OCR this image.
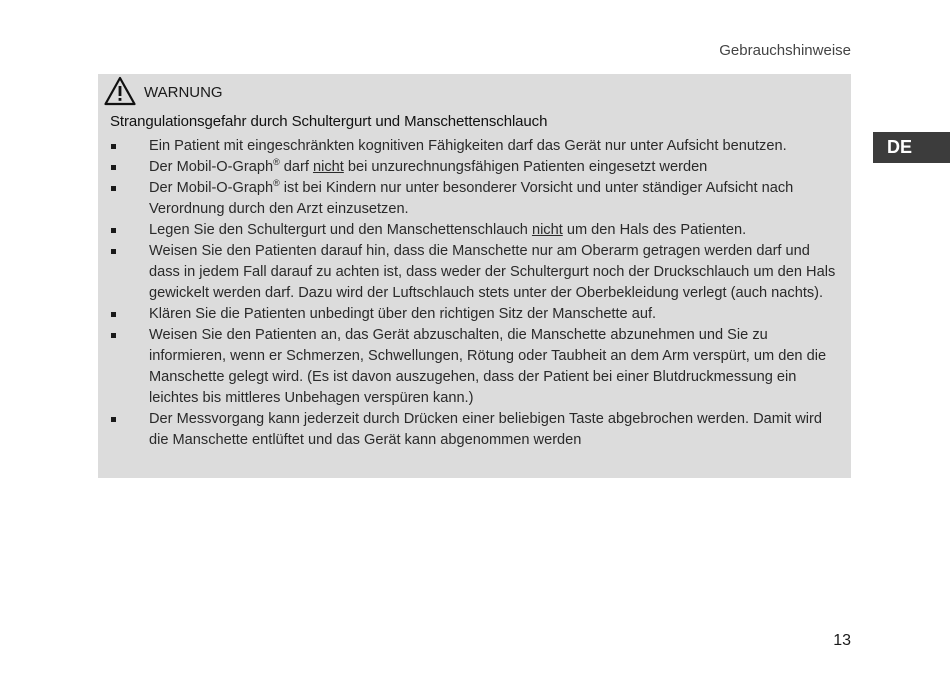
Gebrauchshinweise
DE
WARNUNG
Strangulationsgefahr durch Schultergurt und Manschettenschlauch
Ein Patient mit eingeschränkten kognitiven Fähigkeiten darf das Gerät nur unter Aufsicht benutzen.
Der Mobil-O-Graph® darf nicht bei unzurechnungsfähigen Patienten eingesetzt werden
Der Mobil-O-Graph® ist bei Kindern nur unter besonderer Vorsicht und unter ständiger Aufsicht nach Verordnung durch den Arzt einzusetzen.
Legen Sie den Schultergurt und den Manschettenschlauch nicht um den Hals des Patienten.
Weisen Sie den Patienten darauf hin, dass die Manschette nur am Oberarm getragen werden darf und dass in jedem Fall darauf zu achten ist, dass weder der Schultergurt noch der Druckschlauch um den Hals gewickelt werden darf. Dazu wird der Luftschlauch stets unter der Oberbekleidung verlegt (auch nachts).
Klären Sie die Patienten unbedingt über den richtigen Sitz der Manschette auf.
Weisen Sie den Patienten an, das Gerät abzuschalten, die Manschette abzunehmen und Sie zu informieren, wenn er Schmerzen, Schwellungen, Rötung oder Taubheit an dem Arm verspürt, um den die Manschette gelegt wird. (Es ist davon auszugehen, dass der Patient bei einer Blutdruckmessung ein leichtes bis mittleres Unbehagen verspüren kann.)
Der Messvorgang kann jederzeit durch Drücken einer beliebigen Taste abgebrochen werden. Damit wird die Manschette entlüftet und das Gerät kann abgenommen werden
13
